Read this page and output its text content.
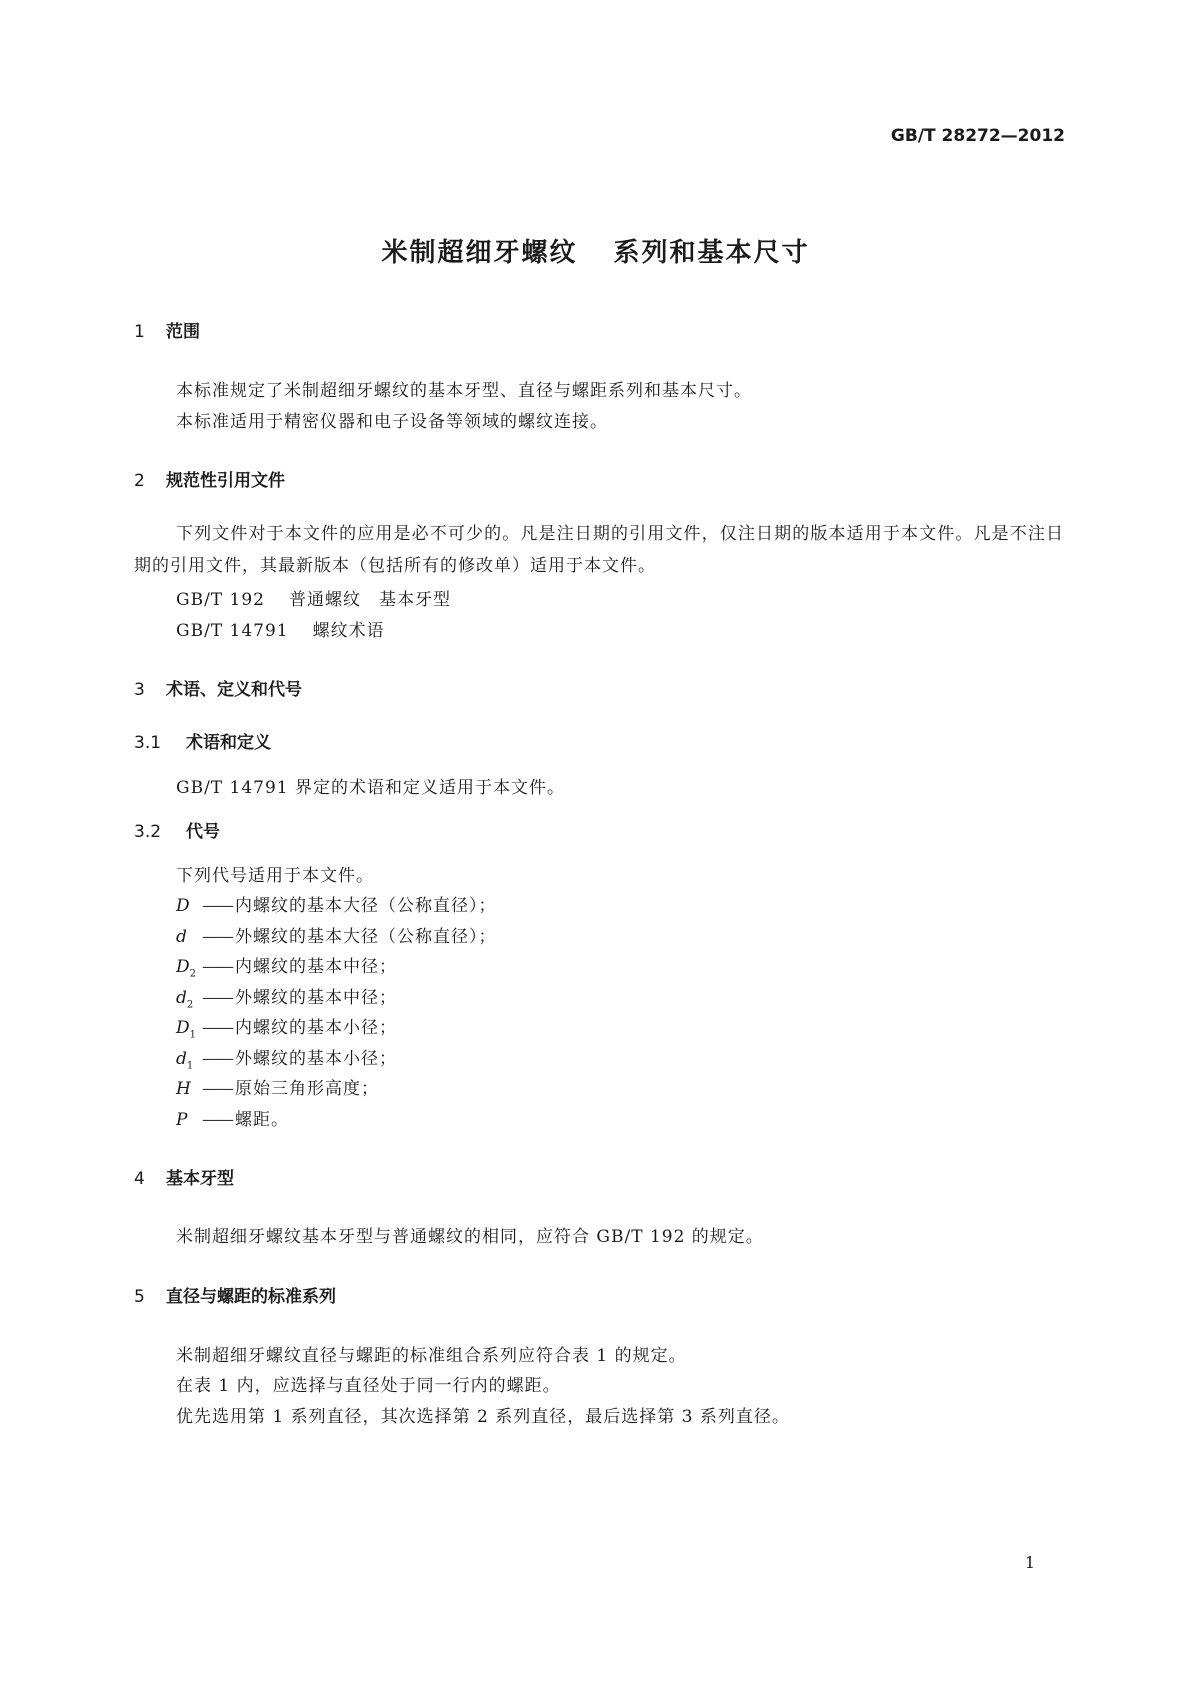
GB/T 28272—2012
米制超细牙螺纹 系列和基本尺寸
1 范围
本标准规定了米制超细牙螺纹的基本牙型、直径与螺距系列和基本尺寸。
本标准适用于精密仪器和电子设备等领域的螺纹连接。
2 规范性引用文件
下列文件对于本文件的应用是必不可少的。凡是注日期的引用文件，仅注日期的版本适用于本文件。凡是不注日期的引用文件，其最新版本（包括所有的修改单）适用于本文件。
GB/T 192 普通螺纹　基本牙型
GB/T 14791 螺纹术语
3 术语、定义和代号
3.1 术语和定义
GB/T 14791 界定的术语和定义适用于本文件。
3.2 代号
下列代号适用于本文件。
D —— 内螺纹的基本大径（公称直径）；
d —— 外螺纹的基本大径（公称直径）；
$D_2$ —— 内螺纹的基本中径；
$d_2$ —— 外螺纹的基本中径；
$D_1$ —— 内螺纹的基本小径；
$d_1$ —— 外螺纹的基本小径；
H —— 原始三角形高度；
P —— 螺距。
4 基本牙型
米制超细牙螺纹基本牙型与普通螺纹的相同，应符合 GB/T 192 的规定。
5 直径与螺距的标准系列
米制超细牙螺纹直径与螺距的标准组合系列应符合表 1 的规定。
在表 1 内，应选择与直径处于同一行内的螺距。
优先选用第 1 系列直径，其次选择第 2 系列直径，最后选择第 3 系列直径。
1
